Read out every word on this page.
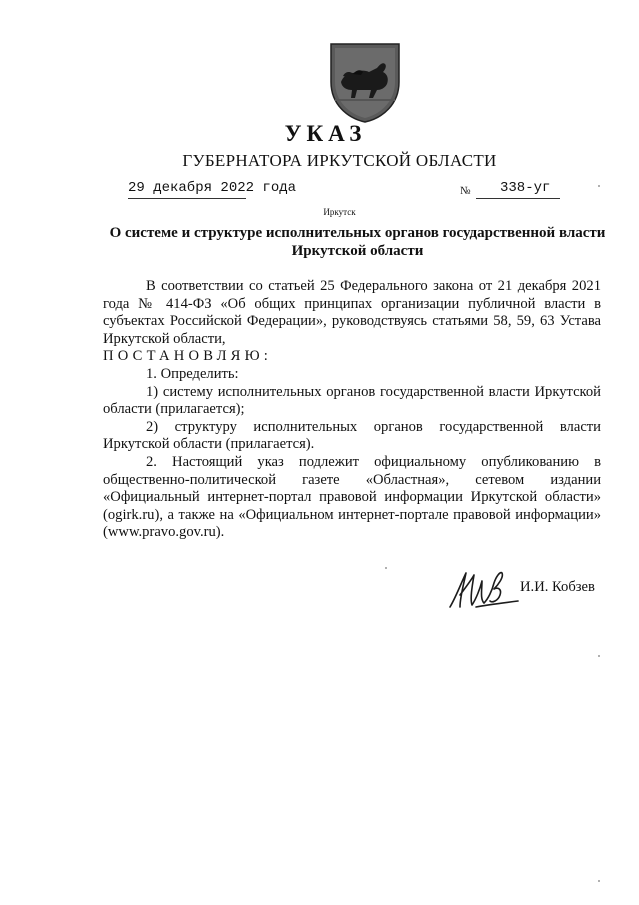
УКАЗ
ГУБЕРНАТОРА ИРКУТСКОЙ ОБЛАСТИ
29 декабря 2022 года	№ 338-уг
Иркутск
О системе и структуре исполнительных органов государственной власти
Иркутской области

В соответствии со статьей 25 Федерального закона от 21 декабря 2021 года № 414-ФЗ «Об общих принципах организации публичной власти в субъектах Российской Федерации», руководствуясь статьями 58, 59, 63 Устава Иркутской области,

ПОСТАНОВЛЯЮ:

1. Определить:

1) систему исполнительных органов государственной власти Иркутской области (прилагается);

2) структуру исполнительных органов государственной власти Иркутской области (прилагается).

2. Настоящий указ подлежит официальному опубликованию в общественно-политической газете «Областная», сетевом издании «Официальный интернет-портал правовой информации Иркутской области» (ogirk.ru), а также на «Официальном интернет-портале правовой информации» (www.pravo.gov.ru).

И.И. Кобзев
